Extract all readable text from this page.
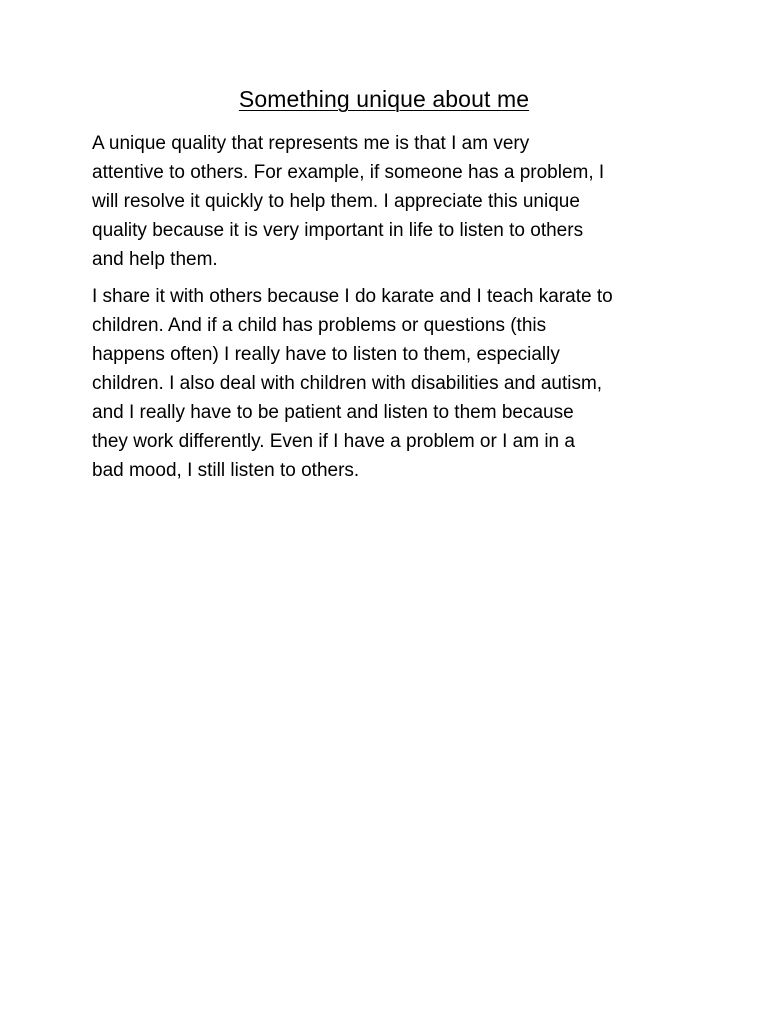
Something unique about me

A unique quality that represents me is that I am very
attentive to others. For example, if someone has a problem, I
will resolve it quickly to help them. I appreciate this unique
quality because it is very important in life to listen to others
and help them.

I share it with others because I do karate and I teach karate to
children. And if a child has problems or questions (this
happens often) I really have to listen to them, especially
children. I also deal with children with disabilities and autism,
and I really have to be patient and listen to them because
they work differently. Even if I have a problem or I am in a
bad mood, I still listen to others.
